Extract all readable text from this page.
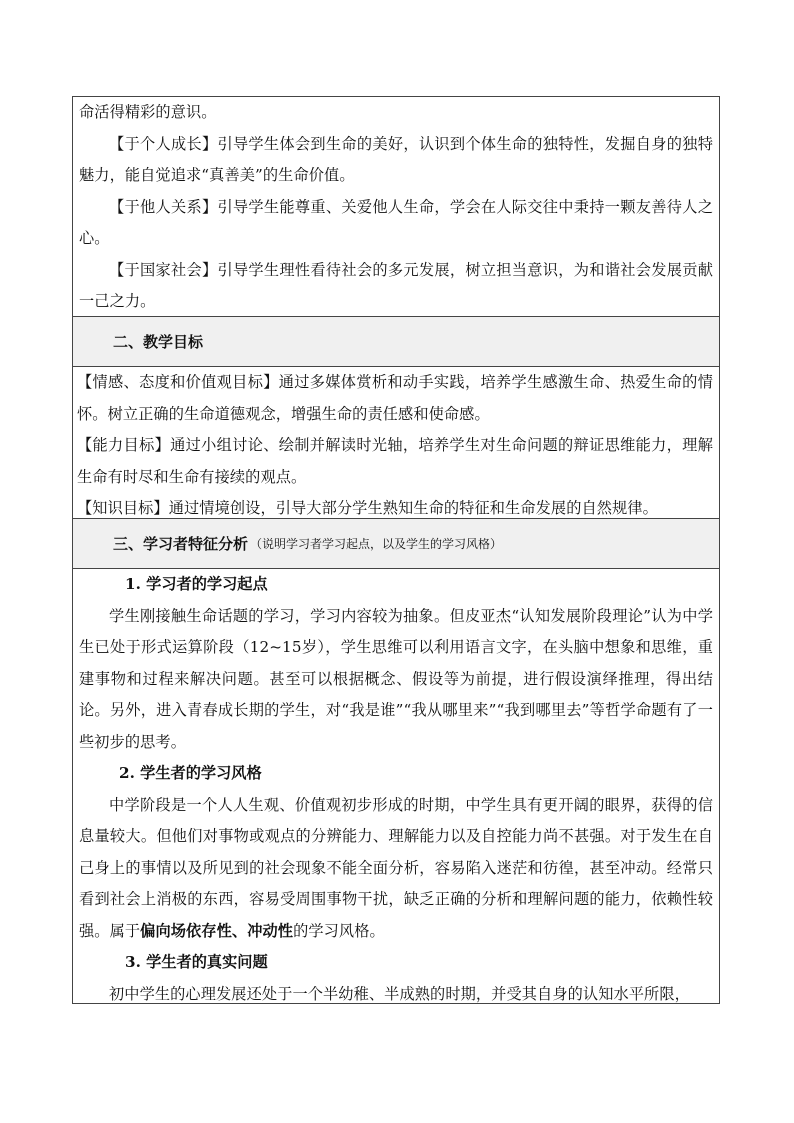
命活得精彩的意识。

【于个人成长】引导学生体会到生命的美好，认识到个体生命的独特性，发掘自身的独特魅力，能自觉追求“真善美”的生命价值。

【于他人关系】引导学生能尊重、关爱他人生命，学会在人际交往中秉持一颗友善待人之心。

【于国家社会】引导学生理性看待社会的多元发展，树立担当意识，为和谐社会发展贡献一己之力。

二、教学目标

【情感、态度和价值观目标】通过多媒体赏析和动手实践，培养学生感激生命、热爱生命的情怀。树立正确的生命道德观念，增强生命的责任感和使命感。

【能力目标】通过小组讨论、绘制并解读时光轴，培养学生对生命问题的辩证思维能力，理解生命有时尽和生命有接续的观点。

【知识目标】通过情境创设，引导大部分学生熟知生命的特征和生命发展的自然规律。

三、学习者特征分析 （说明学习者学习起点，以及学生的学习风格）
1. 学习者的学习起点

学生刚接触生命话题的学习，学习内容较为抽象。但皮亚杰“认知发展阶段理论”认为中学生已处于形式运算阶段（12~15岁），学生思维可以利用语言文字，在头脑中想象和思维，重建事物和过程来解决问题。甚至可以根据概念、假设等为前提，进行假设演绎推理，得出结论。另外，进入青春成长期的学生，对“我是谁”“我从哪里来”“我到哪里去”等哲学命题有了一些初步的思考。

2. 学生者的学习风格

中学阶段是一个人人生观、价值观初步形成的时期，中学生具有更开阔的眼界，获得的信息量较大。但他们对事物或观点的分辨能力、理解能力以及自控能力尚不甚强。对于发生在自己身上的事情以及所见到的社会现象不能全面分析，容易陷入迷茫和彷徨，甚至冲动。经常只看到社会上消极的东西，容易受周围事物干扰，缺乏正确的分析和理解问题的能力，依赖性较强。属于偏向场依存性、冲动性的学习风格。

3. 学生者的真实问题

初中学生的心理发展还处于一个半幼稚、半成熟的时期，并受其自身的认知水平所限，
